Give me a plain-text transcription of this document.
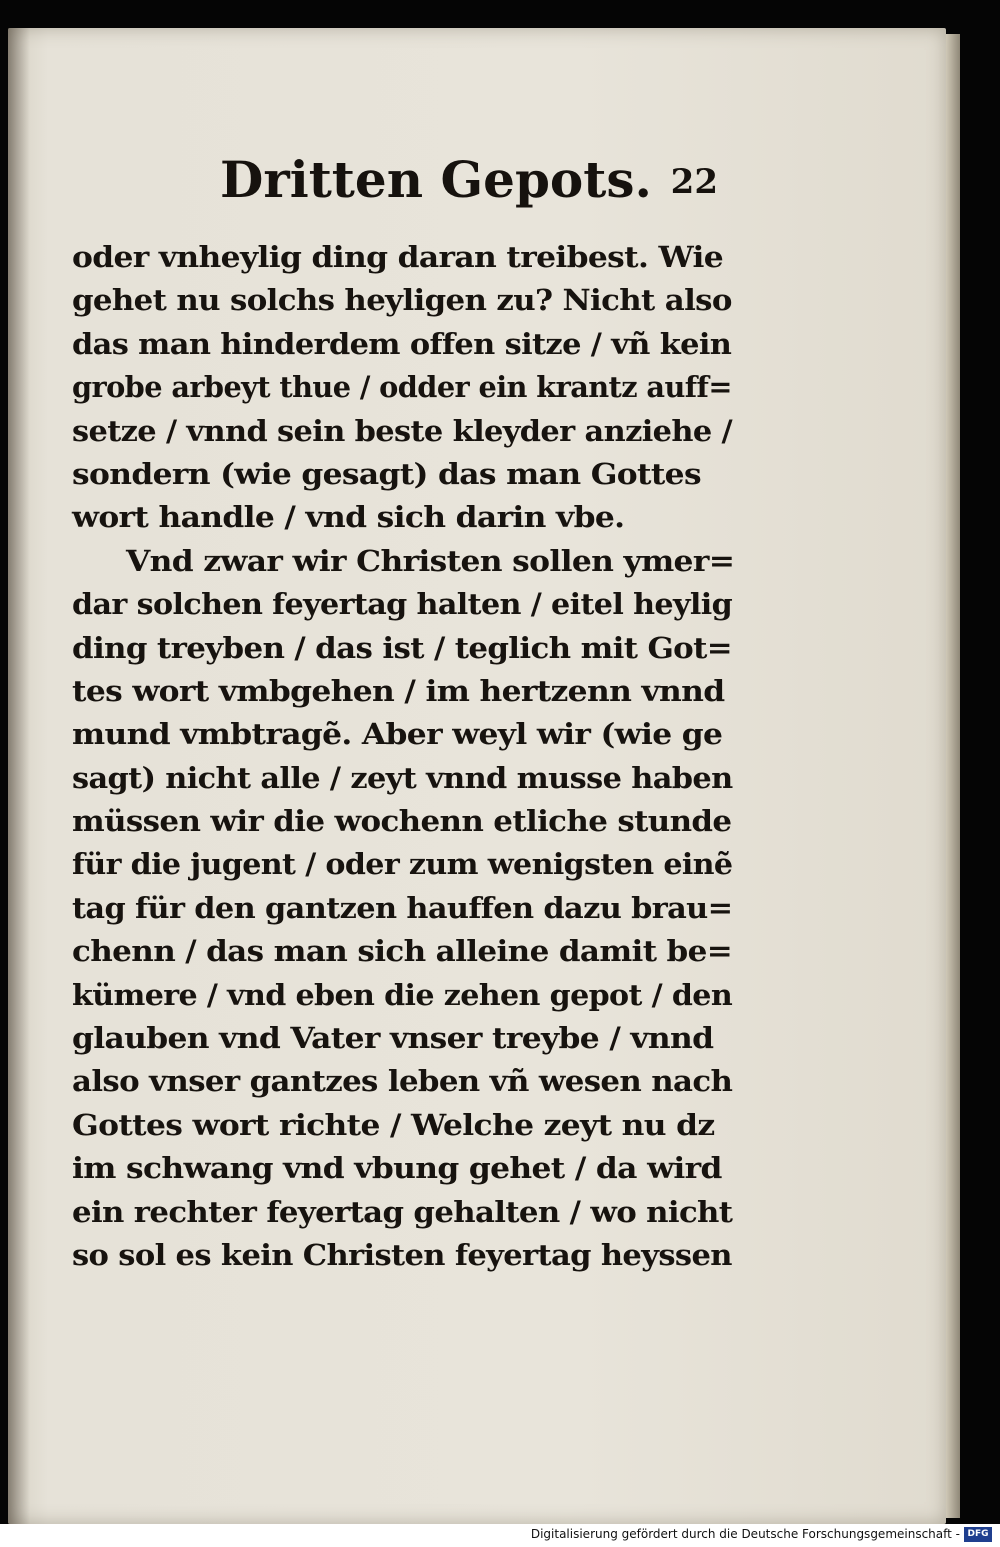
Dritten Gepots. 22
oder vnheylig ding daran treibest. Wie
gehet nu solchs heyligen zu? Nicht also
das man hinderdem offen sitze / vñ kein
grobe arbeyt thue / odder ein krantz auff=
setze / vnnd sein beste kleyder anziehe /
sondern (wie gesagt) das man Gottes
wort handle / vnd sich darin vbe.
Vnd zwar wir Christen sollen ymer=
dar solchen feyertag halten / eitel heylig
ding treyben / das ist / teglich mit Got=
tes wort vmbgehen / im hertzenn vnnd
mund vmbtragẽ. Aber weyl wir (wie ge
sagt) nicht alle / zeyt vnnd musse haben
müssen wir die wochenn etliche stunde
für die jugent / oder zum wenigsten einẽ
tag für den gantzen hauffen dazu brau=
chenn / das man sich alleine damit be=
kümere / vnd eben die zehen gepot / den
glauben vnd Vater vnser treybe / vnnd
also vnser gantzes leben vñ wesen nach
Gottes wort richte / Welche zeyt nu dz
im schwang vnd vbung gehet / da wird
ein rechter feyertag gehalten / wo nicht
so sol es kein Christen feyertag heyssen
Digitalisierung gefördert durch die Deutsche Forschungsgemeinschaft - DFG
